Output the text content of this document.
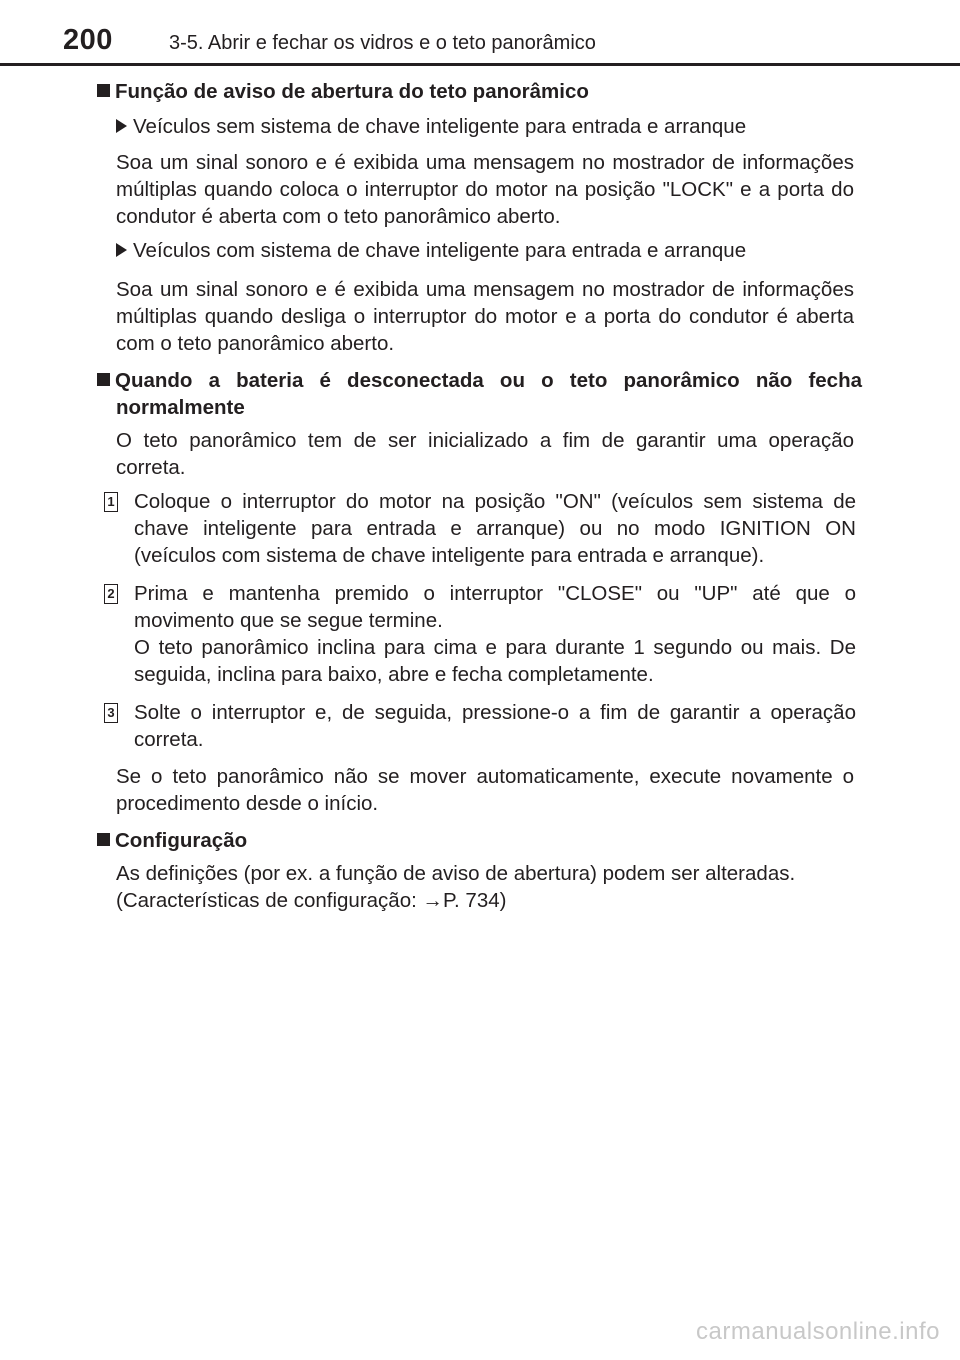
200	3-5. Abrir e fechar os vidros e o teto panorâmico
Função de aviso de abertura do teto panorâmico
Veículos sem sistema de chave inteligente para entrada e arranque
Soa um sinal sonoro e é exibida uma mensagem no mostrador de informações múltiplas quando coloca o interruptor do motor na posição "LOCK" e a porta do condutor é aberta com o teto panorâmico aberto.
Veículos com sistema de chave inteligente para entrada e arranque
Soa um sinal sonoro e é exibida uma mensagem no mostrador de informações múltiplas quando desliga o interruptor do motor e a porta do condutor é aberta com o teto panorâmico aberto.
Quando a bateria é desconectada ou o teto panorâmico não fecha normalmente
O teto panorâmico tem de ser inicializado a fim de garantir uma operação correta.
1 Coloque o interruptor do motor na posição "ON" (veículos sem sistema de chave inteligente para entrada e arranque) ou no modo IGNITION ON (veículos com sistema de chave inteligente para entrada e arranque).
2 Prima e mantenha premido o interruptor "CLOSE" ou "UP" até que o movimento que se segue termine.
O teto panorâmico inclina para cima e para durante 1 segundo ou mais. De seguida, inclina para baixo, abre e fecha completamente.
3 Solte o interruptor e, de seguida, pressione-o a fim de garantir a operação correta.
Se o teto panorâmico não se mover automaticamente, execute novamente o procedimento desde o início.
Configuração
As definições (por ex. a função de aviso de abertura) podem ser alteradas.
(Características de configuração: →P. 734)
carmanualsonline.info
